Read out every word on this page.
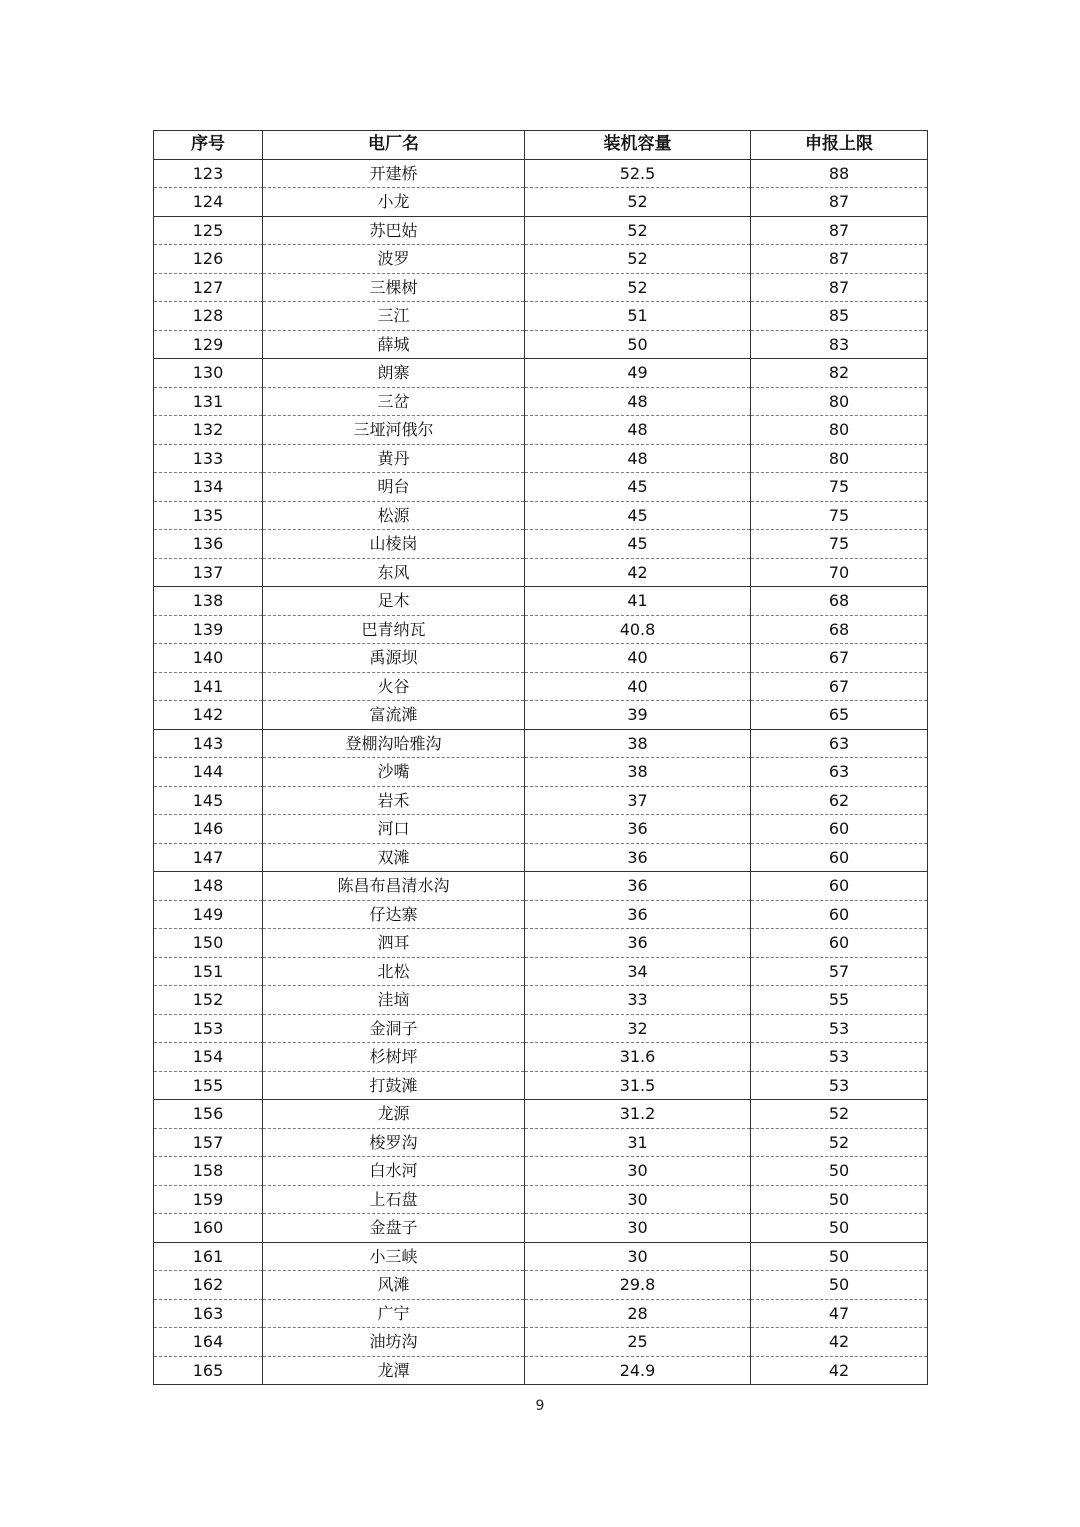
序号	电厂名	装机容量	申报上限
123	开建桥	52.5	88
124	小龙	52	87
125	苏巴姑	52	87
126	波罗	52	87
127	三棵树	52	87
128	三江	51	85
129	薛城	50	83
130	朗寨	49	82
131	三岔	48	80
132	三垭河俄尔	48	80
133	黄丹	48	80
134	明台	45	75
135	松源	45	75
136	山棱岗	45	75
137	东风	42	70
138	足木	41	68
139	巴青纳瓦	40.8	68
140	禹源坝	40	67
141	火谷	40	67
142	富流滩	39	65
143	登棚沟哈雅沟	38	63
144	沙嘴	38	63
145	岩禾	37	62
146	河口	36	60
147	双滩	36	60
148	陈昌布昌清水沟	36	60
149	仔达寨	36	60
150	泗耳	36	60
151	北松	34	57
152	洼垴	33	55
153	金洞子	32	53
154	杉树坪	31.6	53
155	打鼓滩	31.5	53
156	龙源	31.2	52
157	梭罗沟	31	52
158	白水河	30	50
159	上石盘	30	50
160	金盘子	30	50
161	小三峡	30	50
162	风滩	29.8	50
163	广宁	28	47
164	油坊沟	25	42
165	龙潭	24.9	42
9
